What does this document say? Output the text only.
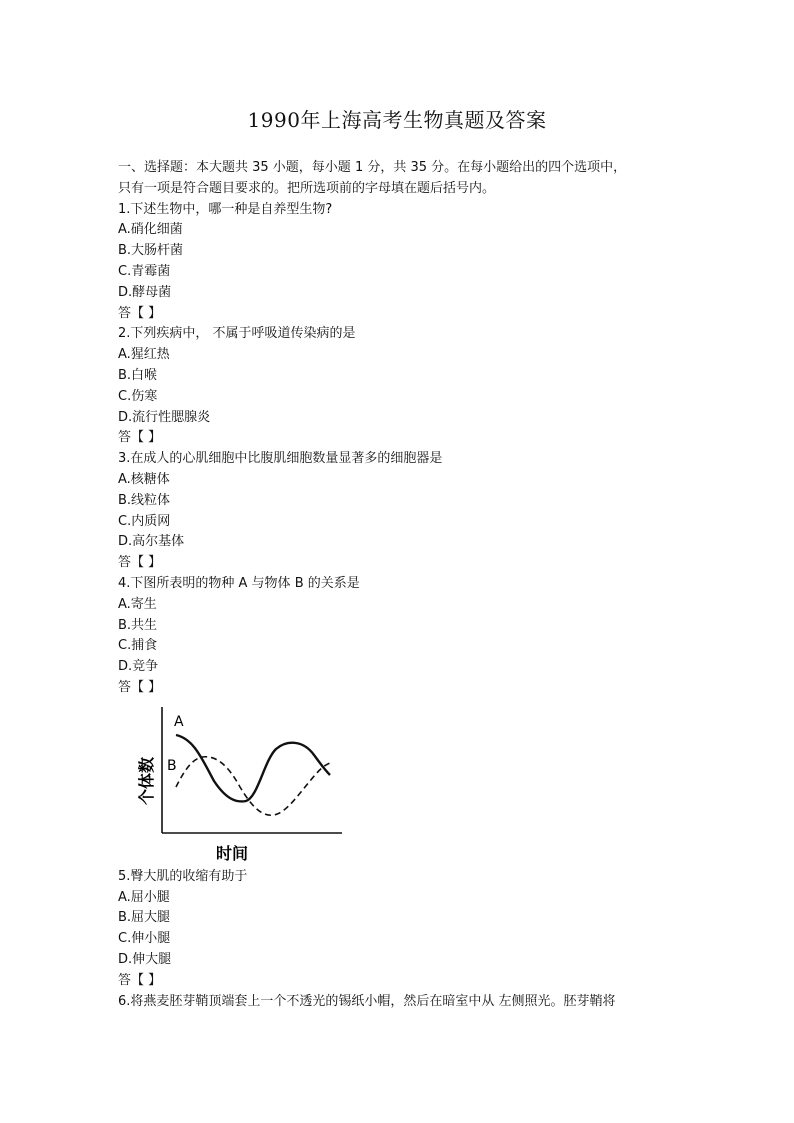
1990年上海高考生物真题及答案
一、选择题：本大题共 35 小题，每小题 1 分，共 35 分。在每小题给出的四个选项中，
只有一项是符合题目要求的。把所选项前的字母填在题后括号内。
1.下述生物中，哪一种是自养型生物?
A.硝化细菌
B.大肠杆菌
C.青霉菌
D.酵母菌
答【 】
2.下列疾病中， 不属于呼吸道传染病的是
A.猩红热
B.白喉
C.伤寒
D.流行性腮腺炎
答【 】
3.在成人的心肌细胞中比腹肌细胞数量显著多的细胞器是
A.核糖体
B.线粒体
C.内质网
D.高尔基体
答【 】
4.下图所表明的物种 A 与物体 B 的关系是
A.寄生
B.共生
C.捕食
D.竞争
答【 】
个体数
时间
A
B
5.臀大肌的收缩有助于
A.屈小腿
B.屈大腿
C.伸小腿
D.伸大腿
答【 】
6.将燕麦胚芽鞘顶端套上一个不透光的锡纸小帽，然后在暗室中从 左侧照光。胚芽鞘将
